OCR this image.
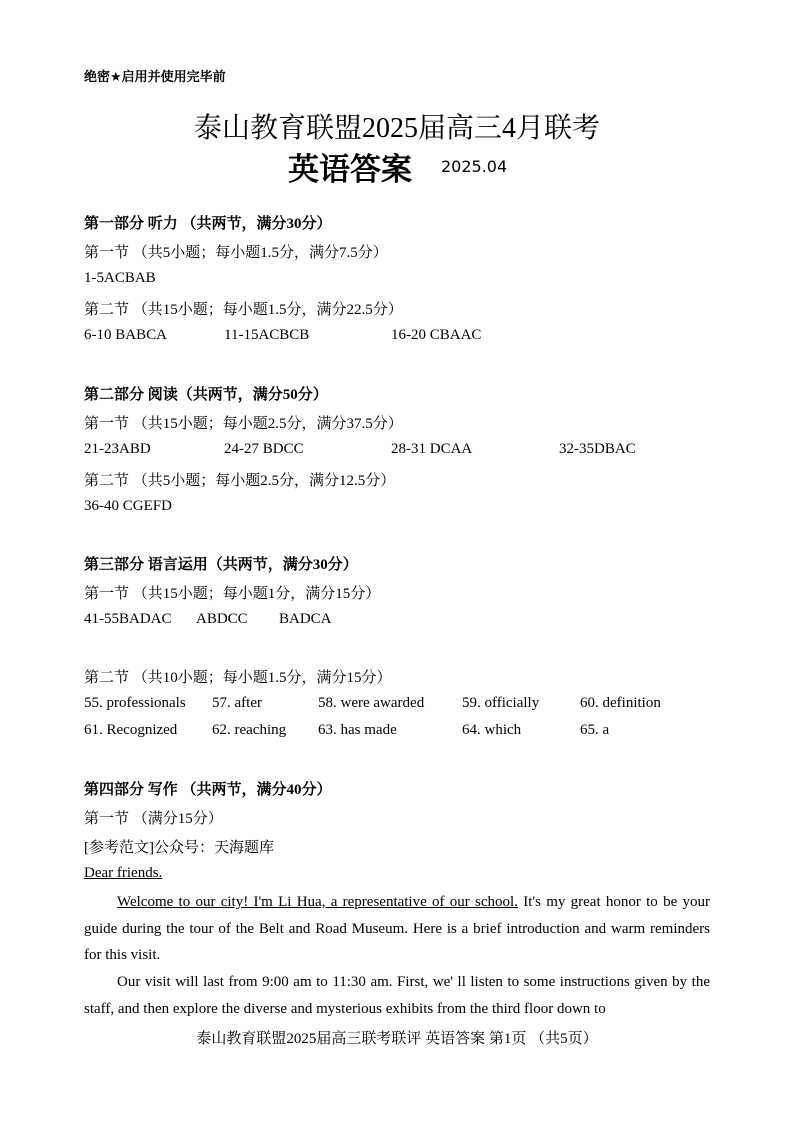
绝密★启用并使用完毕前
泰山教育联盟2025届高三4月联考
英语答案 2025.04
第一部分 听力 （共两节，满分30分）
第一节 （共5小题；每小题1.5分，满分7.5分）
1-5ACBAB
第二节 （共15小题；每小题1.5分，满分22.5分）
6-10 BABCA	11-15ACBCB	16-20 CBAAC
第二部分 阅读（共两节，满分50分）
第一节 （共15小题；每小题2.5分，满分37.5分）
21-23ABD	24-27 BDCC	28-31 DCAA	32-35DBAC
第二节 （共5小题；每小题2.5分，满分12.5分）
36-40 CGEFD
第三部分 语言运用（共两节，满分30分）
第一节 （共15小题；每小题1分，满分15分）
41-55BADAC ABDCC BADCA
第二节 （共10小题；每小题1.5分，满分15分）
55. professionals 57. after	58. were awarded	59. officially	60. definition
61. Recognized 62. reaching 63. has made	64. which	65. a
第四部分 写作 （共两节，满分40分）
第一节 （满分15分）
[参考范文]公众号：天海题库
Dear friends.
Welcome to our city! I'm Li Hua, a representative of our school. It's my great honor to be your guide during the tour of the Belt and Road Museum. Here is a brief introduction and warm reminders for this visit.
Our visit will last from 9:00 am to 11:30 am. First, we' ll listen to some instructions given by the staff, and then explore the diverse and mysterious exhibits from the third floor down to
泰山教育联盟2025届高三联考联评 英语答案 第1页 （共5页）
